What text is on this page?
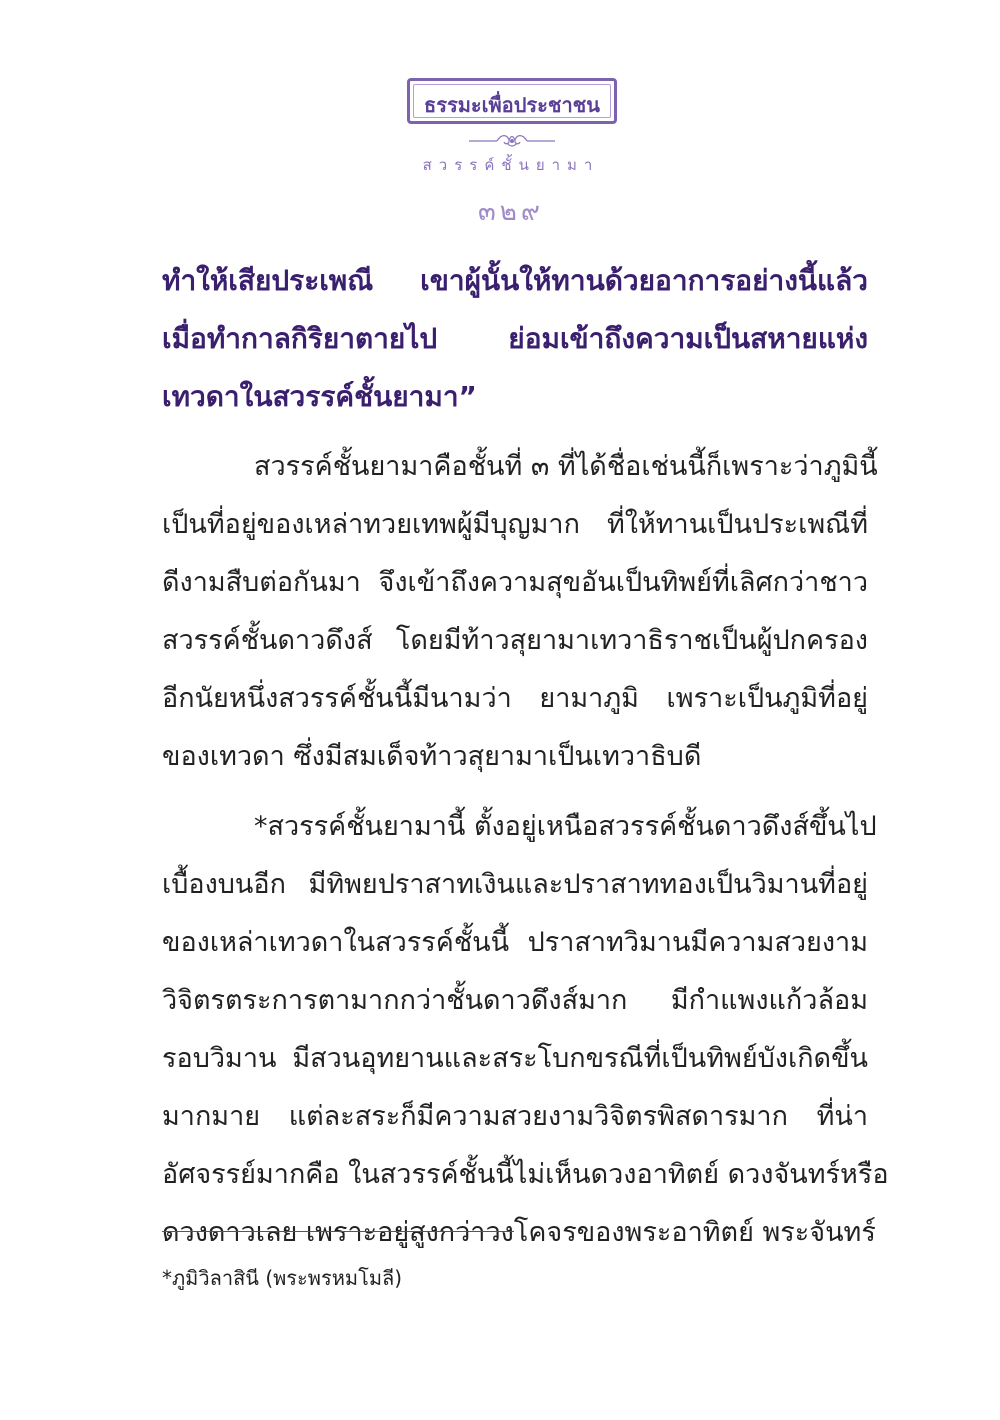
ธรรมะเพื่อประชาชน
สวรรค์ชั้นยามา
๓๒๙
ทำให้เสียประเพณี เขาผู้นั้นให้ทานด้วยอาการอย่างนี้แล้ว
เมื่อทำกาลกิริยาตายไป ย่อมเข้าถึงความเป็นสหายแห่ง
เทวดาในสวรรค์ชั้นยามา”
สวรรค์ชั้นยามาคือชั้นที่ ๓ ที่ได้ชื่อเช่นนี้ก็เพราะว่าภูมินี้
เป็นที่อยู่ของเหล่าทวยเทพผู้มีบุญมาก ที่ให้ทานเป็นประเพณีที่
ดีงามสืบต่อกันมา จึงเข้าถึงความสุขอันเป็นทิพย์ที่เลิศกว่าชาว
สวรรค์ชั้นดาวดึงส์ โดยมีท้าวสุยามาเทวาธิราชเป็นผู้ปกครอง
อีกนัยหนึ่งสวรรค์ชั้นนี้มีนามว่า ยามาภูมิ เพราะเป็นภูมิที่อยู่
ของเทวดา ซึ่งมีสมเด็จท้าวสุยามาเป็นเทวาธิบดี
*สวรรค์ชั้นยามานี้ ตั้งอยู่เหนือสวรรค์ชั้นดาวดึงส์ขึ้นไป
เบื้องบนอีก มีทิพยปราสาทเงินและปราสาททองเป็นวิมานที่อยู่
ของเหล่าเทวดาในสวรรค์ชั้นนี้ ปราสาทวิมานมีความสวยงาม
วิจิตรตระการตามากกว่าชั้นดาวดึงส์มาก มีกำแพงแก้วล้อม
รอบวิมาน มีสวนอุทยานและสระโบกขรณีที่เป็นทิพย์บังเกิดขึ้น
มากมาย แต่ละสระก็มีความสวยงามวิจิตรพิสดารมาก ที่น่า
อัศจรรย์มากคือ ในสวรรค์ชั้นนี้ไม่เห็นดวงอาทิตย์ ดวงจันทร์หรือ
ดวงดาวเลย เพราะอยู่สูงกว่าวงโคจรของพระอาทิตย์ พระจันทร์
*ภูมิวิลาสินี (พระพรหมโมลี)
